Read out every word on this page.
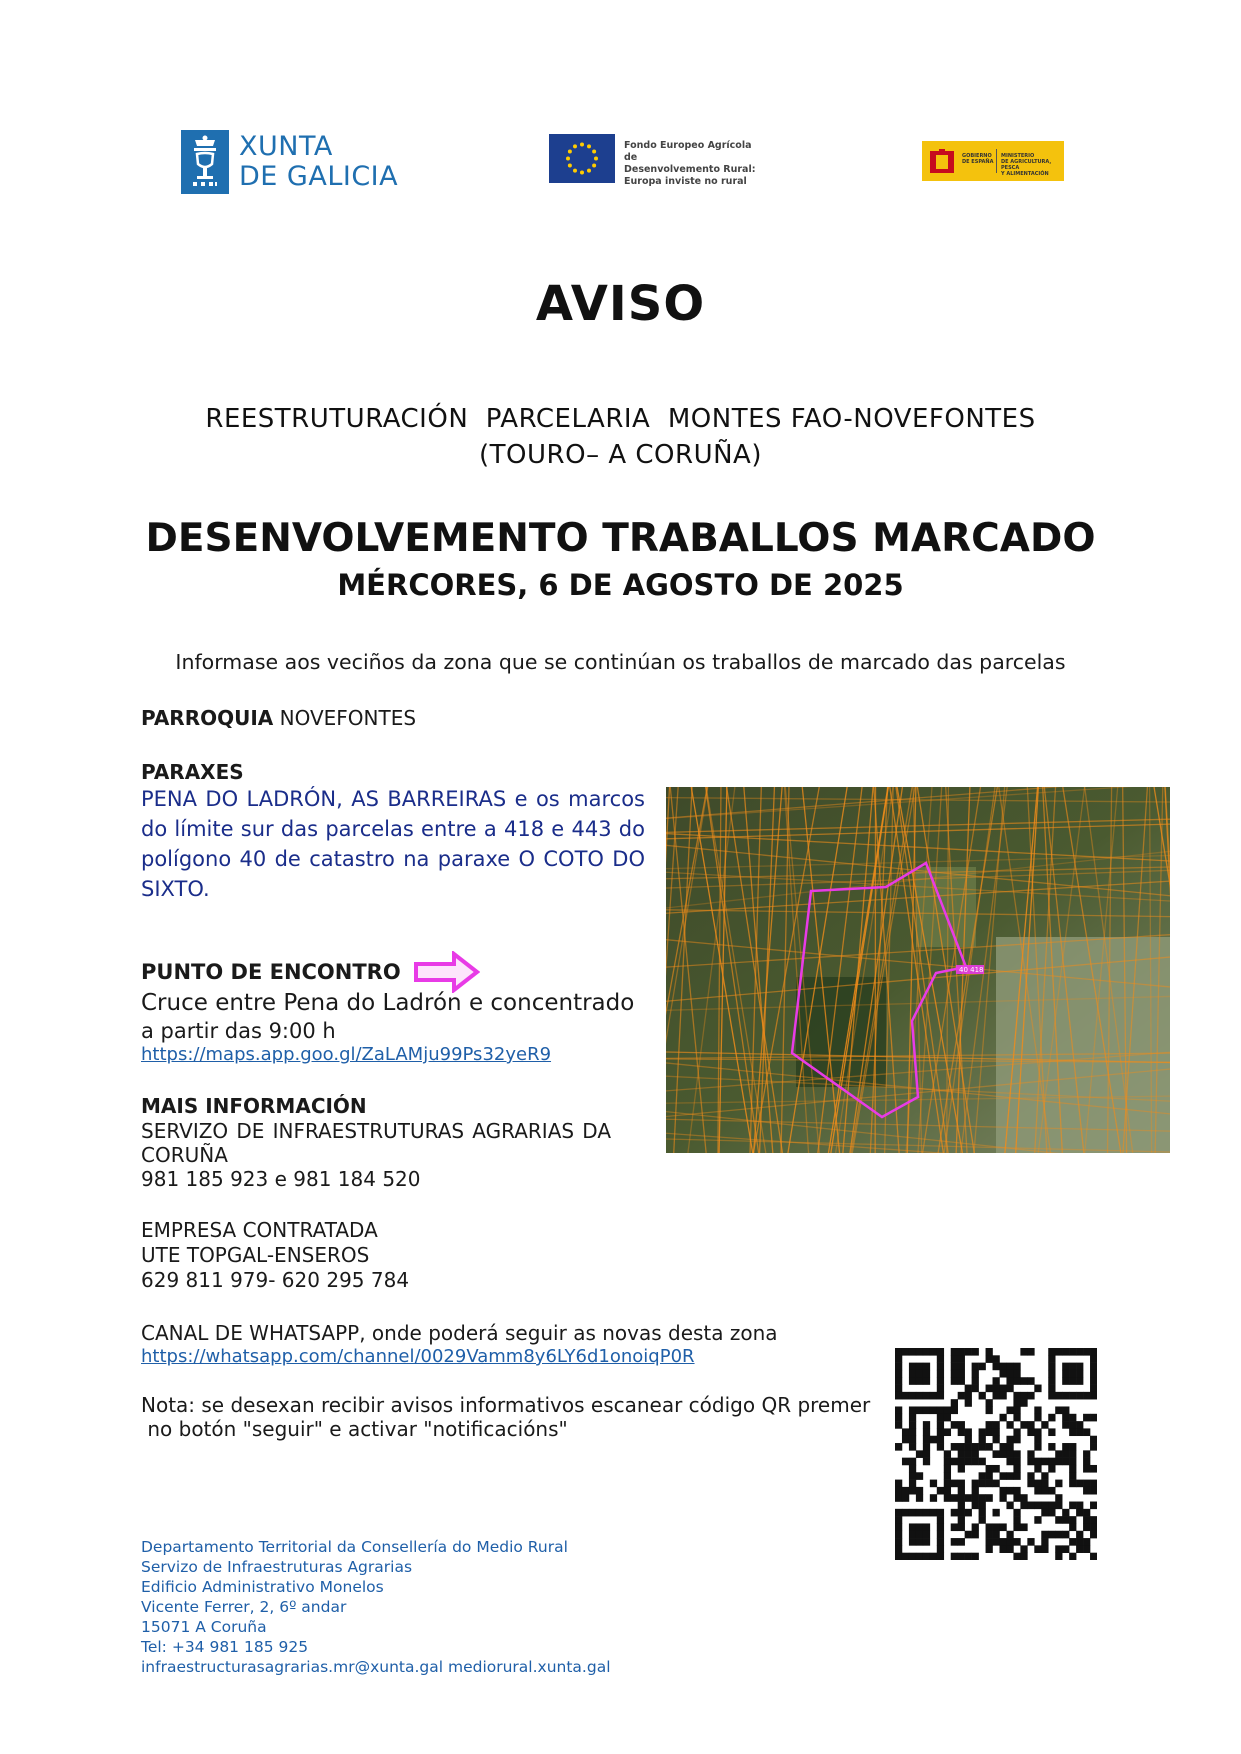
XUNTA
DE GALICIA
Fondo Europeo Agrícola de
Desenvolvemento Rural:
Europa inviste no rural
GOBIERNO
DE ESPAÑA
MINISTERIO
DE AGRICULTURA, PESCA
Y ALIMENTACIÓN
AVISO
REESTRUTURACIÓN  PARCELARIA  MONTES FAO-NOVEFONTES
(TOURO– A CORUÑA)
DESENVOLVEMENTO TRABALLOS MARCADO
MÉRCORES, 6 DE AGOSTO DE 2025
Informase aos veciños da zona que se continúan os traballos de marcado das parcelas
PARROQUIA NOVEFONTES
PARAXES
PENA DO LADRÓN, AS BARREIRAS e os marcos do límite sur das parcelas entre a 418 e 443 do polígono 40 de catastro na paraxe O COTO DO SIXTO.
40 418
PUNTO DE ENCONTRO
Cruce entre Pena do Ladrón e concentrado
a partir das 9:00 h
https://maps.app.goo.gl/ZaLAMju99Ps32yeR9
MAIS INFORMACIÓN
SERVIZO DE INFRAESTRUTURAS AGRARIAS DA CORUÑA
981 185 923 e 981 184 520
EMPRESA CONTRATADA
UTE TOPGAL-ENSEROS
629 811 979- 620 295 784
CANAL DE WHATSAPP, onde poderá seguir as novas desta zona
https://whatsapp.com/channel/0029Vamm8y6LY6d1onoiqP0R
Nota: se desexan recibir avisos informativos escanear código QR premer
no botón "seguir" e activar "notificacións"
Departamento Territorial da Consellería do Medio Rural
Servizo de Infraestruturas Agrarias
Edificio Administrativo Monelos
Vicente Ferrer, 2, 6º andar
15071 A Coruña
Tel: +34 981 185 925
infraestructurasagrarias.mr@xunta.gal mediorural.xunta.gal
